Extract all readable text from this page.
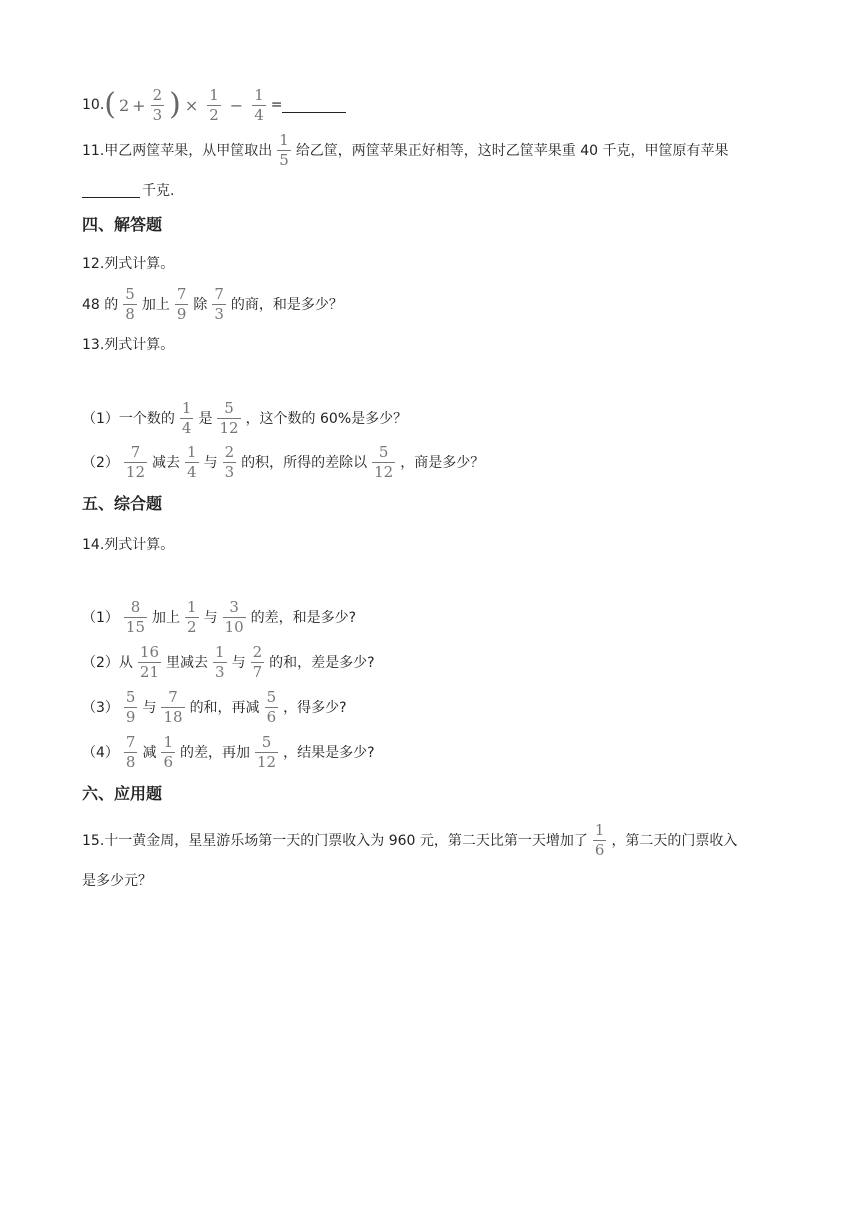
10. ( $2 + \frac{2}{3}$ ) × $\frac{1}{2} - \frac{1}{4}$ =
11.甲乙两筐苹果，从甲筐取出 $\frac{1}{5}$ 给乙筐，两筐苹果正好相等，这时乙筐苹果重 40 千克，甲筐原有苹果
千克.
四、解答题
12.列式计算。
48 的 $\frac{5}{8}$ 加上 $\frac{7}{9}$ 除 $\frac{7}{3}$ 的商，和是多少？
13.列式计算。
（1）一个数的 $\frac{1}{4}$ 是 $\frac{5}{12}$ ，这个数的 60%是多少？
$(2) \frac{7}{12}$ 减去 $\frac{1}{4}$ 与 $\frac{2}{3}$ 的积，所得的差除以 $\frac{5}{12}$ ，商是多少？
五、综合题
14.列式计算。
$(1) \frac{8}{15}$ 加上 $\frac{1}{2}$ 与 $\frac{3}{10}$ 的差，和是多少?
（2）从 $\frac{16}{21}$ 里减去 $\frac{1}{3}$ 与 $\frac{2}{7}$ 的和，差是多少?
$(3) \frac{5}{9}$ 与 $\frac{7}{18}$ 的和，再减 $\frac{5}{6}$ ，得多少?
$(4) \frac{7}{8}$ 减 $\frac{1}{6}$ 的差，再加 $\frac{5}{12}$ ，结果是多少?
六、应用题
15.十一黄金周，星星游乐场第一天的门票收入为 960 元，第二天比第一天增加了 $\frac{1}{6}$ ，第二天的门票收入
是多少元？
